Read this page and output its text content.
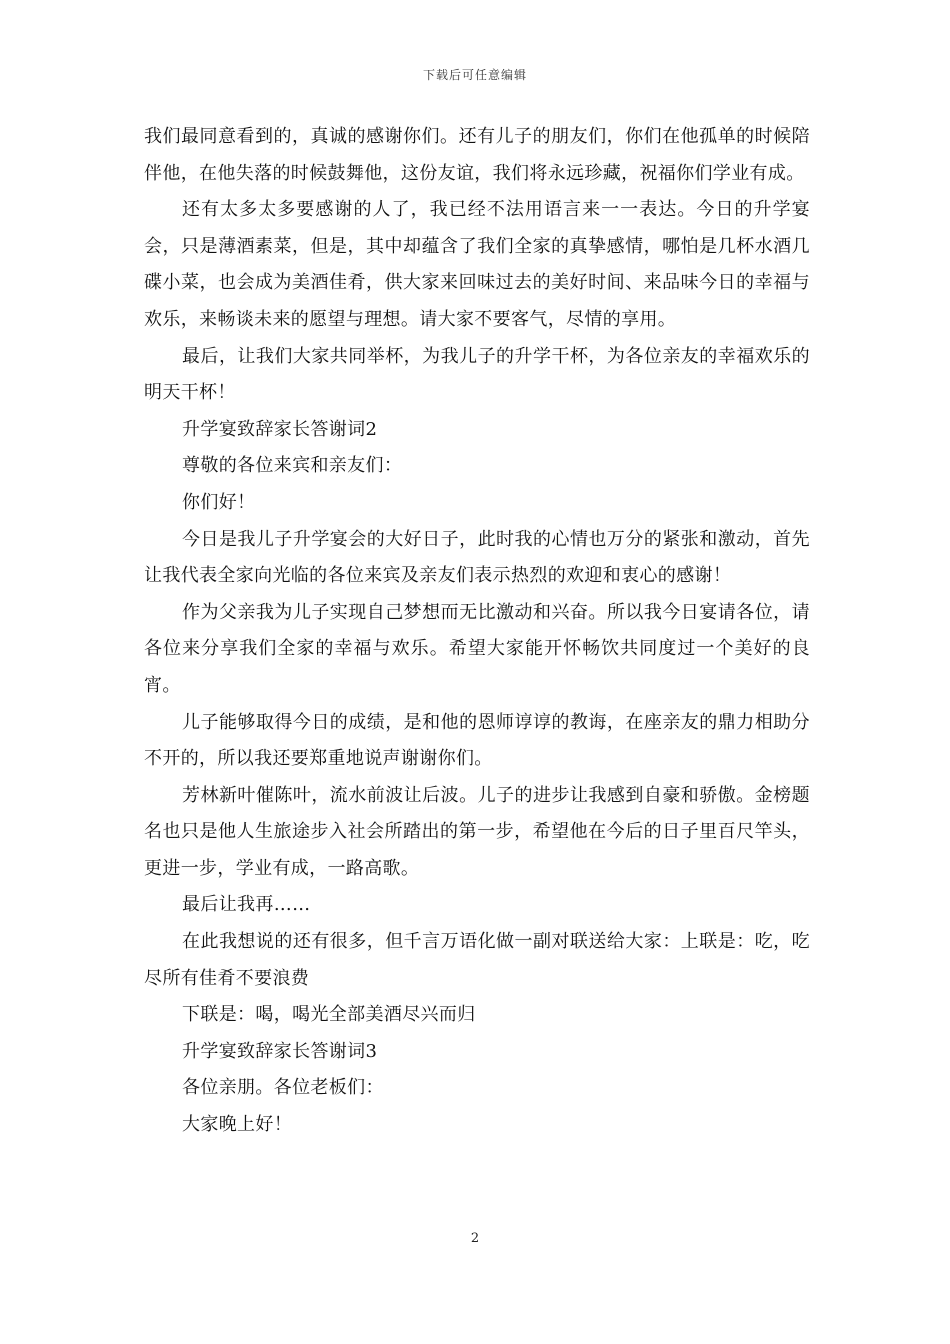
下载后可任意编辑

我们最同意看到的，真诚的感谢你们。还有儿子的朋友们，你们在他孤单的时候陪伴他，在他失落的时候鼓舞他，这份友谊，我们将永远珍藏，祝福你们学业有成。

还有太多太多要感谢的人了，我已经不法用语言来一一表达。今日的升学宴会，只是薄酒素菜，但是，其中却蕴含了我们全家的真挚感情，哪怕是几杯水酒几碟小菜，也会成为美酒佳肴，供大家来回味过去的美好时间、来品味今日的幸福与欢乐，来畅谈未来的愿望与理想。请大家不要客气，尽情的享用。

最后，让我们大家共同举杯，为我儿子的升学干杯，为各位亲友的幸福欢乐的明天干杯！

升学宴致辞家长答谢词2

尊敬的各位来宾和亲友们：

你们好！

今日是我儿子升学宴会的大好日子，此时我的心情也万分的紧张和激动，首先让我代表全家向光临的各位来宾及亲友们表示热烈的欢迎和衷心的感谢！

作为父亲我为儿子实现自己梦想而无比激动和兴奋。所以我今日宴请各位，请各位来分享我们全家的幸福与欢乐。希望大家能开怀畅饮共同度过一个美好的良宵。

儿子能够取得今日的成绩，是和他的恩师谆谆的教诲，在座亲友的鼎力相助分不开的，所以我还要郑重地说声谢谢你们。

芳林新叶催陈叶，流水前波让后波。儿子的进步让我感到自豪和骄傲。金榜题名也只是他人生旅途步入社会所踏出的第一步，希望他在今后的日子里百尺竿头，更进一步，学业有成，一路高歌。

最后让我再……

在此我想说的还有很多，但千言万语化做一副对联送给大家：上联是：吃，吃尽所有佳肴不要浪费

下联是：喝，喝光全部美酒尽兴而归

升学宴致辞家长答谢词3

各位亲朋。各位老板们：

大家晚上好！

2
